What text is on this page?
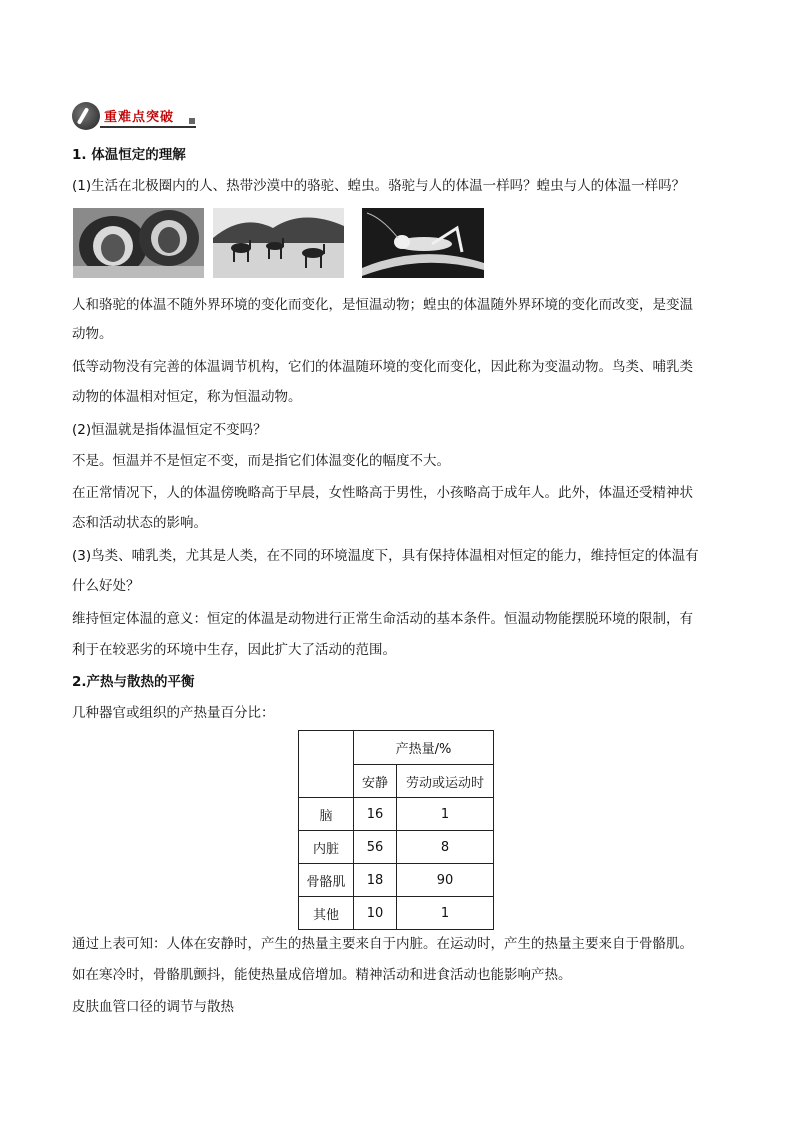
重难点突破
1. 体温恒定的理解
(1)生活在北极圈内的人、热带沙漠中的骆驼、蝗虫。骆驼与人的体温一样吗？蝗虫与人的体温一样吗？
人和骆驼的体温不随外界环境的变化而变化，是恒温动物；蝗虫的体温随外界环境的变化而改变，是变温
动物。
低等动物没有完善的体温调节机构，它们的体温随环境的变化而变化，因此称为变温动物。鸟类、哺乳类
动物的体温相对恒定，称为恒温动物。
(2)恒温就是指体温恒定不变吗？
不是。恒温并不是恒定不变，而是指它们体温变化的幅度不大。
在正常情况下，人的体温傍晚略高于早晨，女性略高于男性，小孩略高于成年人。此外，体温还受精神状
态和活动状态的影响。
(3)鸟类、哺乳类，尤其是人类，在不同的环境温度下，具有保持体温相对恒定的能力，维持恒定的体温有
什么好处？
维持恒定体温的意义：恒定的体温是动物进行正常生命活动的基本条件。恒温动物能摆脱环境的限制，有
利于在较恶劣的环境中生存，因此扩大了活动的范围。
2.产热与散热的平衡
几种器官或组织的产热量百分比：
	产热量/%	
	安静	劳动或运动时
脑	16	1
内脏	56	8
骨骼肌	18	90
其他	10	1
通过上表可知：人体在安静时，产生的热量主要来自于内脏。在运动时，产生的热量主要来自于骨骼肌。
如在寒冷时，骨骼肌颤抖，能使热量成倍增加。精神活动和进食活动也能影响产热。
皮肤血管口径的调节与散热
